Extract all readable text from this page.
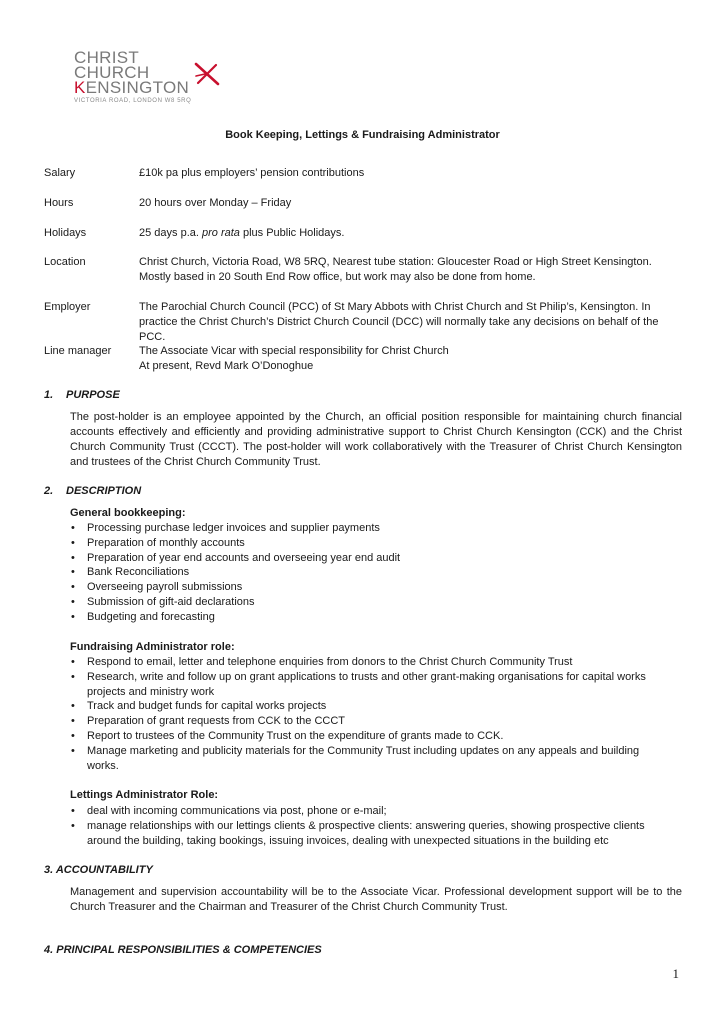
CHRIST
CHURCH
KENSINGTON
VICTORIA ROAD, LONDON W8 5RQ
Book Keeping, Lettings & Fundraising Administrator
Salary	£10k pa plus employers’ pension contributions
Hours	20 hours over Monday – Friday
Holidays	25 days p.a. pro rata plus Public Holidays.
Location	Christ Church, Victoria Road, W8 5RQ, Nearest tube station: Gloucester Road or High Street Kensington.
Mostly based in 20 South End Row office, but work may also be done from home.
Employer	The Parochial Church Council (PCC) of St Mary Abbots with Christ Church and St Philip’s, Kensington. In practice the Christ Church’s District Church Council (DCC) will normally take any decisions on behalf of the PCC.
Line manager	The Associate Vicar with special responsibility for Christ Church
At present, Revd Mark O’Donoghue
1. PURPOSE
The post-holder is an employee appointed by the Church, an official position responsible for maintaining church financial accounts effectively and efficiently and providing administrative support to Christ Church Kensington (CCK) and the Christ Church Community Trust (CCCT). The post-holder will work collaboratively with the Treasurer of Christ Church Kensington and trustees of the Christ Church Community Trust.
2. DESCRIPTION
General bookkeeping:
• Processing purchase ledger invoices and supplier payments
• Preparation of monthly accounts
• Preparation of year end accounts and overseeing year end audit
• Bank Reconciliations
• Overseeing payroll submissions
• Submission of gift-aid declarations
• Budgeting and forecasting
Fundraising Administrator role:
• Respond to email, letter and telephone enquiries from donors to the Christ Church Community Trust
• Research, write and follow up on grant applications to trusts and other grant-making organisations for capital works projects and ministry work
• Track and budget funds for capital works projects
• Preparation of grant requests from CCK to the CCCT
• Report to trustees of the Community Trust on the expenditure of grants made to CCK.
• Manage marketing and publicity materials for the Community Trust including updates on any appeals and building works.
Lettings Administrator Role:
• deal with incoming communications via post, phone or e-mail;
• manage relationships with our lettings clients & prospective clients: answering queries, showing prospective clients around the building, taking bookings, issuing invoices, dealing with unexpected situations in the building etc
3. ACCOUNTABILITY
Management and supervision accountability will be to the Associate Vicar. Professional development support will be to the Church Treasurer and the Chairman and Treasurer of the Christ Church Community Trust.
4. PRINCIPAL RESPONSIBILITIES & COMPETENCIES
1
